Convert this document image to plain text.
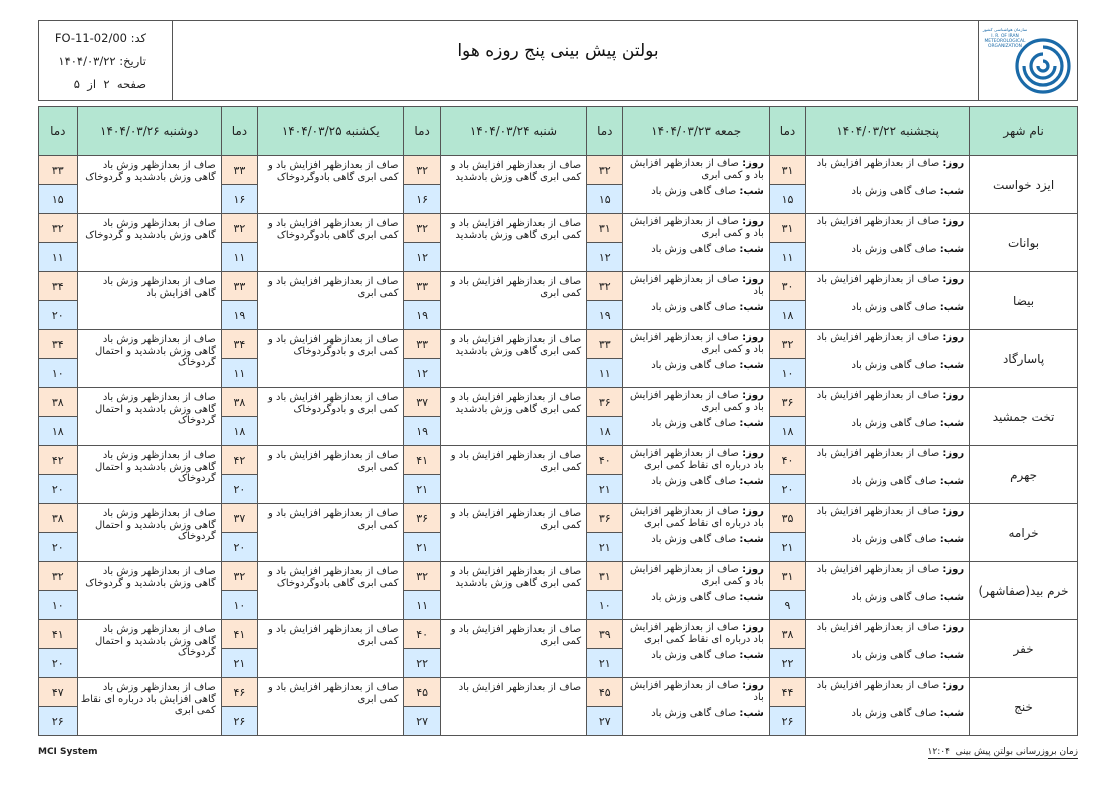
کد: FO-11-02/00
تاریخ: ۱۴۰۴/۰۳/۲۲
صفحه  ۲  از  ۵
بولتن پیش بینی پنج روزه هوا
سازمان هواشناسی کشور
I. R. OF IRAN
METEOROLOGICAL
ORGANIZATION
نام شهر	پنجشنبه ۱۴۰۴/۰۳/۲۲	دما	جمعه ۱۴۰۴/۰۳/۲۳	دما	شنبه ۱۴۰۴/۰۳/۲۴	دما	یکشنبه ۱۴۰۴/۰۳/۲۵	دما	دوشنبه ۱۴۰۴/۰۳/۲۶	دما
ایزد خواست	روز: صاف از بعدازظهر افزایش باد
شب: صاف گاهی وزش باد	۳۱	روز: صاف از بعدازظهر افزایش باد و کمی ابری
شب: صاف گاهی وزش باد	۳۲	صاف از بعدازظهر افزایش باد و کمی ابری گاهی وزش بادشدید	۳۲	صاف از بعدازظهر افزایش باد و کمی ابری گاهی بادوگردوخاک	۳۳	صاف از بعدازظهر وزش باد گاهی وزش بادشدید و گردوخاک	۳۳
		۱۵		۱۵		۱۶		۱۶		۱۵
بوانات	روز: صاف از بعدازظهر افزایش باد
شب: صاف گاهی وزش باد	۳۱	روز: صاف از بعدازظهر افزایش باد و کمی ابری
شب: صاف گاهی وزش باد	۳۱	صاف از بعدازظهر افزایش باد و کمی ابری گاهی وزش بادشدید	۳۲	صاف از بعدازظهر افزایش باد و کمی ابری گاهی بادوگردوخاک	۳۲	صاف از بعدازظهر وزش باد گاهی وزش بادشدید و گردوخاک	۳۲
		۱۱		۱۲		۱۲		۱۱		۱۱
بیضا	روز: صاف از بعدازظهر افزایش باد
شب: صاف گاهی وزش باد	۳۰	روز: صاف از بعدازظهر افزایش باد
شب: صاف گاهی وزش باد	۳۲	صاف از بعدازظهر افزایش باد و کمی ابری	۳۳	صاف از بعدازظهر افزایش باد و کمی ابری	۳۳	صاف از بعدازظهر وزش باد گاهی افزایش باد	۳۴
		۱۸		۱۹		۱۹		۱۹		۲۰
پاسارگاد	روز: صاف از بعدازظهر افزایش باد
شب: صاف گاهی وزش باد	۳۲	روز: صاف از بعدازظهر افزایش باد و کمی ابری
شب: صاف گاهی وزش باد	۳۳	صاف از بعدازظهر افزایش باد و کمی ابری گاهی وزش بادشدید	۳۳	صاف از بعدازظهر افزایش باد و کمی ابری و بادوگردوخاک	۳۴	صاف از بعدازظهر وزش باد گاهی وزش بادشدید و احتمال گردوخاک	۳۴
		۱۰		۱۱		۱۲		۱۱		۱۰
تخت جمشید	روز: صاف از بعدازظهر افزایش باد
شب: صاف گاهی وزش باد	۳۶	روز: صاف از بعدازظهر افزایش باد و کمی ابری
شب: صاف گاهی وزش باد	۳۶	صاف از بعدازظهر افزایش باد و کمی ابری گاهی وزش بادشدید	۳۷	صاف از بعدازظهر افزایش باد و کمی ابری و بادوگردوخاک	۳۸	صاف از بعدازظهر وزش باد گاهی وزش بادشدید و احتمال گردوخاک	۳۸
		۱۸		۱۸		۱۹		۱۸		۱۸
جهرم	روز: صاف از بعدازظهر افزایش باد
شب: صاف گاهی وزش باد	۴۰	روز: صاف از بعدازظهر افزایش باد درباره ای نقاط کمی ابری
شب: صاف گاهی وزش باد	۴۰	صاف از بعدازظهر افزایش باد و کمی ابری	۴۱	صاف از بعدازظهر افزایش باد و کمی ابری	۴۲	صاف از بعدازظهر وزش باد گاهی وزش بادشدید و احتمال گردوخاک	۴۲
		۲۰		۲۱		۲۱		۲۰		۲۰
خرامه	روز: صاف از بعدازظهر افزایش باد
شب: صاف گاهی وزش باد	۳۵	روز: صاف از بعدازظهر افزایش باد درباره ای نقاط کمی ابری
شب: صاف گاهی وزش باد	۳۶	صاف از بعدازظهر افزایش باد و کمی ابری	۳۶	صاف از بعدازظهر افزایش باد و کمی ابری	۳۷	صاف از بعدازظهر وزش باد گاهی وزش بادشدید و احتمال گردوخاک	۳۸
		۲۱		۲۱		۲۱		۲۰		۲۰
خرم بید(صفاشهر)	روز: صاف از بعدازظهر افزایش باد
شب: صاف گاهی وزش باد	۳۱	روز: صاف از بعدازظهر افزایش باد و کمی ابری
شب: صاف گاهی وزش باد	۳۱	صاف از بعدازظهر افزایش باد و کمی ابری گاهی وزش بادشدید	۳۲	صاف از بعدازظهر افزایش باد و کمی ابری گاهی بادوگردوخاک	۳۲	صاف از بعدازظهر وزش باد گاهی وزش بادشدید و گردوخاک	۳۲
		۹		۱۰		۱۱		۱۰		۱۰
خفر	روز: صاف از بعدازظهر افزایش باد
شب: صاف گاهی وزش باد	۳۸	روز: صاف از بعدازظهر افزایش باد درباره ای نقاط کمی ابری
شب: صاف گاهی وزش باد	۳۹	صاف از بعدازظهر افزایش باد و کمی ابری	۴۰	صاف از بعدازظهر افزایش باد و کمی ابری	۴۱	صاف از بعدازظهر وزش باد گاهی وزش بادشدید و احتمال گردوخاک	۴۱
		۲۲		۲۱		۲۲		۲۱		۲۰
خنج	روز: صاف از بعدازظهر افزایش باد
شب: صاف گاهی وزش باد	۴۴	روز: صاف از بعدازظهر افزایش باد
شب: صاف گاهی وزش باد	۴۵	صاف از بعدازظهر افزایش باد	۴۵	صاف از بعدازظهر افزایش باد و کمی ابری	۴۶	صاف از بعدازظهر وزش باد گاهی افزایش باد درباره ای نقاط کمی ابری	۴۷
		۲۶		۲۷		۲۷		۲۶		۲۶
MCI System	زمان بروزرسانی بولتن پیش بینی  ۱۲:۰۴
